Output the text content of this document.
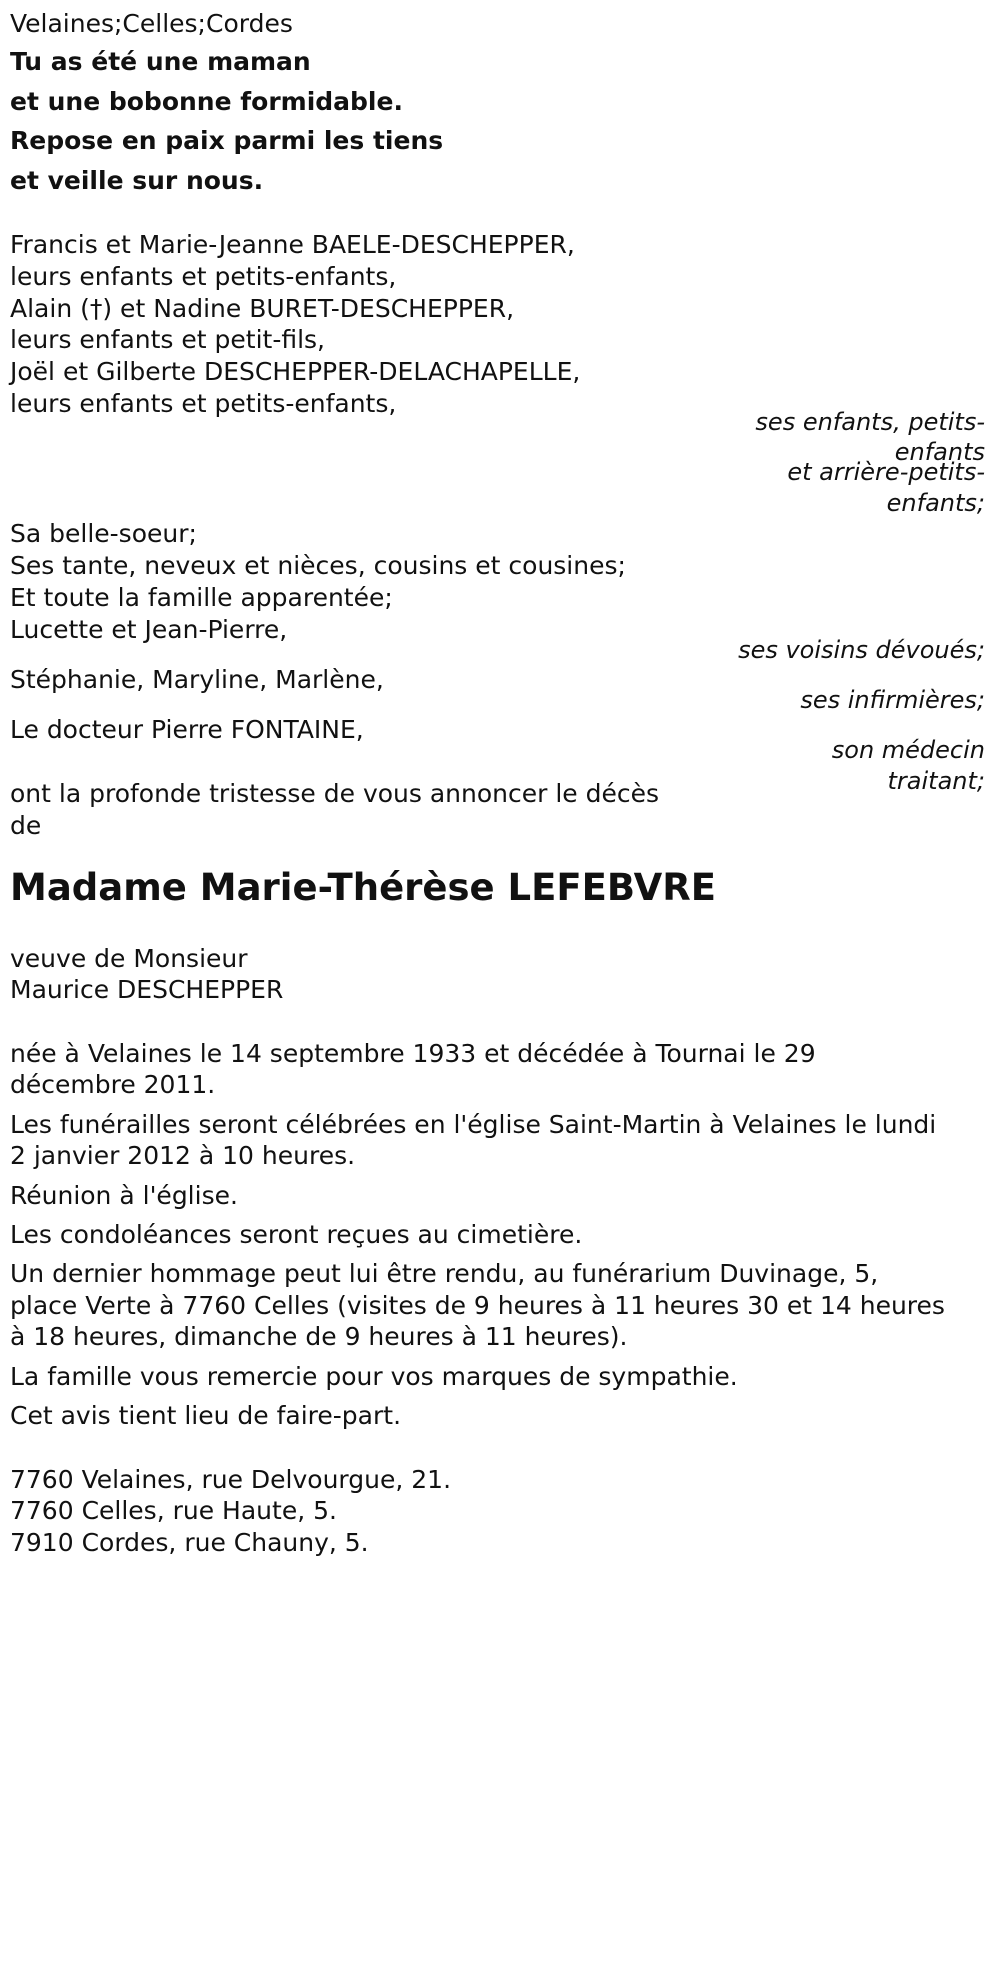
Velaines;Celles;Cordes
Tu as été une maman
et une bobonne formidable.
Repose en paix parmi les tiens
et veille sur nous.
Francis et Marie-Jeanne BAELE-DESCHEPPER,
leurs enfants et petits-enfants,
Alain (†) et Nadine BURET-DESCHEPPER,
leurs enfants et petit-fils,
Joël et Gilberte DESCHEPPER-DELACHAPELLE,
leurs enfants et petits-enfants,
ses enfants, petits-
enfants
et arrière-petits-
enfants;
Sa belle-soeur;
Ses tante, neveux et nièces, cousins et cousines;
Et toute la famille apparentée;
Lucette et Jean-Pierre,
ses voisins dévoués;
Stéphanie, Maryline, Marlène,
ses infirmières;
Le docteur Pierre FONTAINE,
son médecin
traitant;
ont la profonde tristesse de vous annoncer le décès
de
Madame Marie-Thérèse LEFEBVRE
veuve de Monsieur
Maurice DESCHEPPER
née à Velaines le 14 septembre 1933 et décédée à Tournai le 29
décembre 2011.
Les funérailles seront célébrées en l'église Saint-Martin à Velaines le lundi
2 janvier 2012 à 10 heures.
Réunion à l'église.
Les condoléances seront reçues au cimetière.
Un dernier hommage peut lui être rendu, au funérarium Duvinage, 5,
place Verte à 7760 Celles (visites de 9 heures à 11 heures 30 et 14 heures
à 18 heures, dimanche de 9 heures à 11 heures).
La famille vous remercie pour vos marques de sympathie.
Cet avis tient lieu de faire-part.
7760 Velaines, rue Delvourgue, 21.
7760 Celles, rue Haute, 5.
7910 Cordes, rue Chauny, 5.
